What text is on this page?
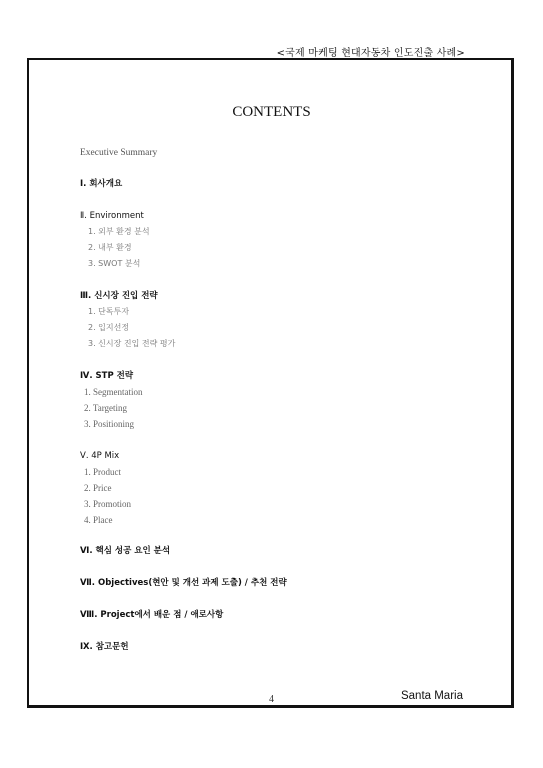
<국제 마케팅 현대자동차 인도진출 사례>
CONTENTS
Executive Summary
Ⅰ. 회사개요
Ⅱ. Environment
1. 외부 환경 분석
2. 내부 환경
3. SWOT 분석
Ⅲ. 신시장 진입 전략
1. 단독투자
2. 입지선정
3. 신시장 진입 전략 평가
Ⅳ. STP 전략
1. Segmentation
2. Targeting
3. Positioning
Ⅴ. 4P Mix
1. Product
2. Price
3. Promotion
4. Place
Ⅵ. 핵심 성공 요인 분석
Ⅶ. Objectives(현안 및 개선 과제 도출) / 추천 전략
Ⅷ. Project에서 배운 점 / 애로사항
Ⅸ. 참고문헌
4	Santa Maria
